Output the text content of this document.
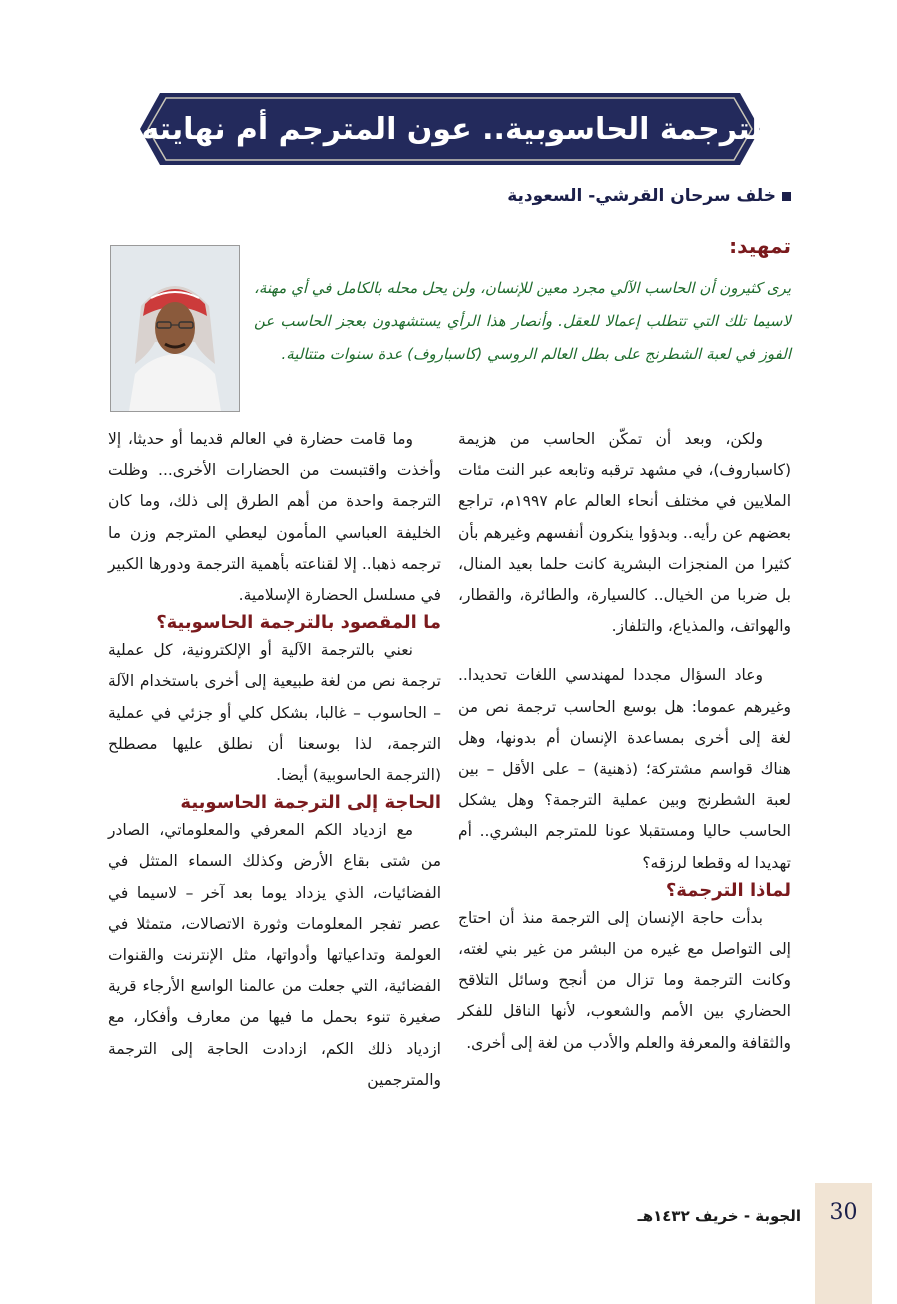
الترجمة الحاسوبية.. عون المترجم أم نهايته!
خلف سرحان القرشي- السعودية
تمهيد:
يرى كثيرون أن الحاسب الآلي مجرد معين للإنسان، ولن يحل محله بالكامل في أي مهنة، لاسيما تلك التي تتطلب إعمالا للعقل. وأنصار هذا الرأي يستشهدون بعجز الحاسب عن الفوز في لعبة الشطرنج على بطل العالم الروسي (كاسباروف) عدة سنوات متتالية.

ولكن، وبعد أن تمكّن الحاسب من هزيمة (كاسباروف)، في مشهد ترقبه وتابعه عبر النت مئات الملايين في مختلف أنحاء العالم عام ١٩٩٧م، تراجع بعضهم عن رأيه.. وبدؤوا ينكرون أنفسهم وغيرهم بأن كثيرا من المنجزات البشرية كانت حلما بعيد المنال، بل ضربا من الخيال.. كالسيارة، والطائرة، والقطار، والهواتف، والمذياع، والتلفاز.

وعاد السؤال مجددا لمهندسي اللغات تحديدا.. وغيرهم عموما: هل بوسع الحاسب ترجمة نص من لغة إلى أخرى بمساعدة الإنسان أم بدونها، وهل هناك قواسم مشتركة؛ (ذهنية) – على الأقل – بين لعبة الشطرنج وبين عملية الترجمة؟ وهل يشكل الحاسب حاليا ومستقبلا عونا للمترجم البشري.. أم تهديدا له وقطعا لرزقه؟

لماذا الترجمة؟

بدأت حاجة الإنسان إلى الترجمة منذ أن احتاج إلى التواصل مع غيره من البشر من غير بني لغته، وكانت الترجمة وما تزال من أنجح وسائل التلاقح الحضاري بين الأمم والشعوب، لأنها الناقل للفكر والثقافة والمعرفة والعلم والأدب من لغة إلى أخرى.

وما قامت حضارة في العالم قديما أو حديثا، إلا وأخذت واقتبست من الحضارات الأخرى... وظلت الترجمة واحدة من أهم الطرق إلى ذلك، وما كان الخليفة العباسي المأمون ليعطي المترجم وزن ما ترجمه ذهبا.. إلا لقناعته بأهمية الترجمة ودورها الكبير في مسلسل الحضارة الإسلامية.

ما المقصود بالترجمة الحاسوبية؟

نعني بالترجمة الآلية أو الإلكترونية، كل عملية ترجمة نص من لغة طبيعية إلى أخرى باستخدام الآلة – الحاسوب – غالبا، بشكل كلي أو جزئي في عملية الترجمة، لذا بوسعنا أن نطلق عليها مصطلح (الترجمة الحاسوبية) أيضا.

الحاجة إلى الترجمة الحاسوبية

مع ازدياد الكم المعرفي والمعلوماتي، الصادر من شتى بقاع الأرض وكذلك السماء المتثل في الفضائيات، الذي يزداد يوما بعد آخر – لاسيما في عصر تفجر المعلومات وثورة الاتصالات، متمثلا في العولمة وتداعياتها وأدواتها، مثل الإنترنت والقنوات الفضائية، التي جعلت من عالمنا الواسع الأرجاء قرية صغيرة تنوء بحمل ما فيها من معارف وأفكار، مع ازدياد ذلك الكم، ازدادت الحاجة إلى الترجمة والمترجمين

30
الجوبة - خريف ١٤٣٢هـ
